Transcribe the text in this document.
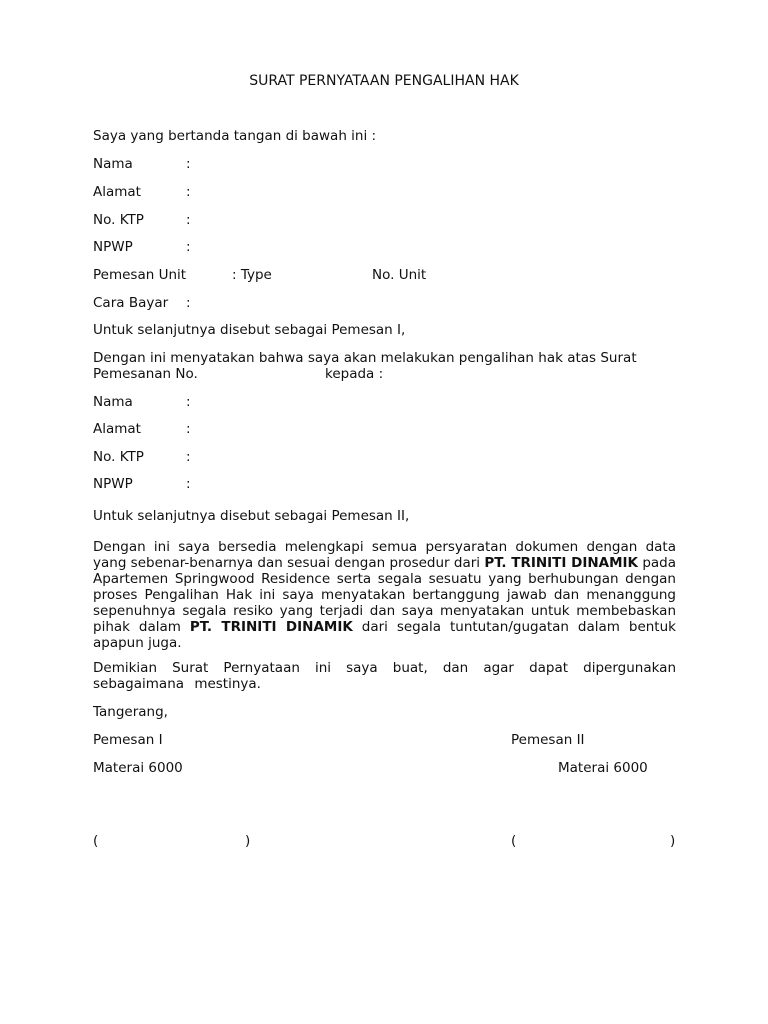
SURAT PERNYATAAN PENGALIHAN HAK
Saya yang bertanda tangan di bawah ini :
Nama	:
Alamat	:
No. KTP	:
NPWP	:
Pemesan Unit	: Type	No. Unit
Cara Bayar :
Untuk selanjutnya disebut sebagai Pemesan I,
Dengan ini menyatakan bahwa saya akan melakukan pengalihan hak atas Surat
Pemesanan No.	kepada :
Nama	:
Alamat	:
No. KTP	:
NPWP	:
Untuk selanjutnya disebut sebagai Pemesan II,
Dengan ini saya bersedia melengkapi semua persyaratan dokumen dengan data yang sebenar-benarnya dan sesuai dengan prosedur dari PT. TRINITI DINAMIK pada Apartemen Springwood Residence serta segala sesuatu yang berhubungan dengan proses Pengalihan Hak ini saya menyatakan bertanggung jawab dan menanggung sepenuhnya segala resiko yang terjadi dan saya menyatakan untuk membebaskan pihak dalam PT. TRINITI DINAMIK dari segala tuntutan/gugatan dalam bentuk apapun juga.
Demikian Surat Pernyataan ini saya buat, dan agar dapat dipergunakan sebagaimana mestinya.
Tangerang,
Pemesan I	Pemesan II
Materai 6000	Materai 6000
(	)	(	)
